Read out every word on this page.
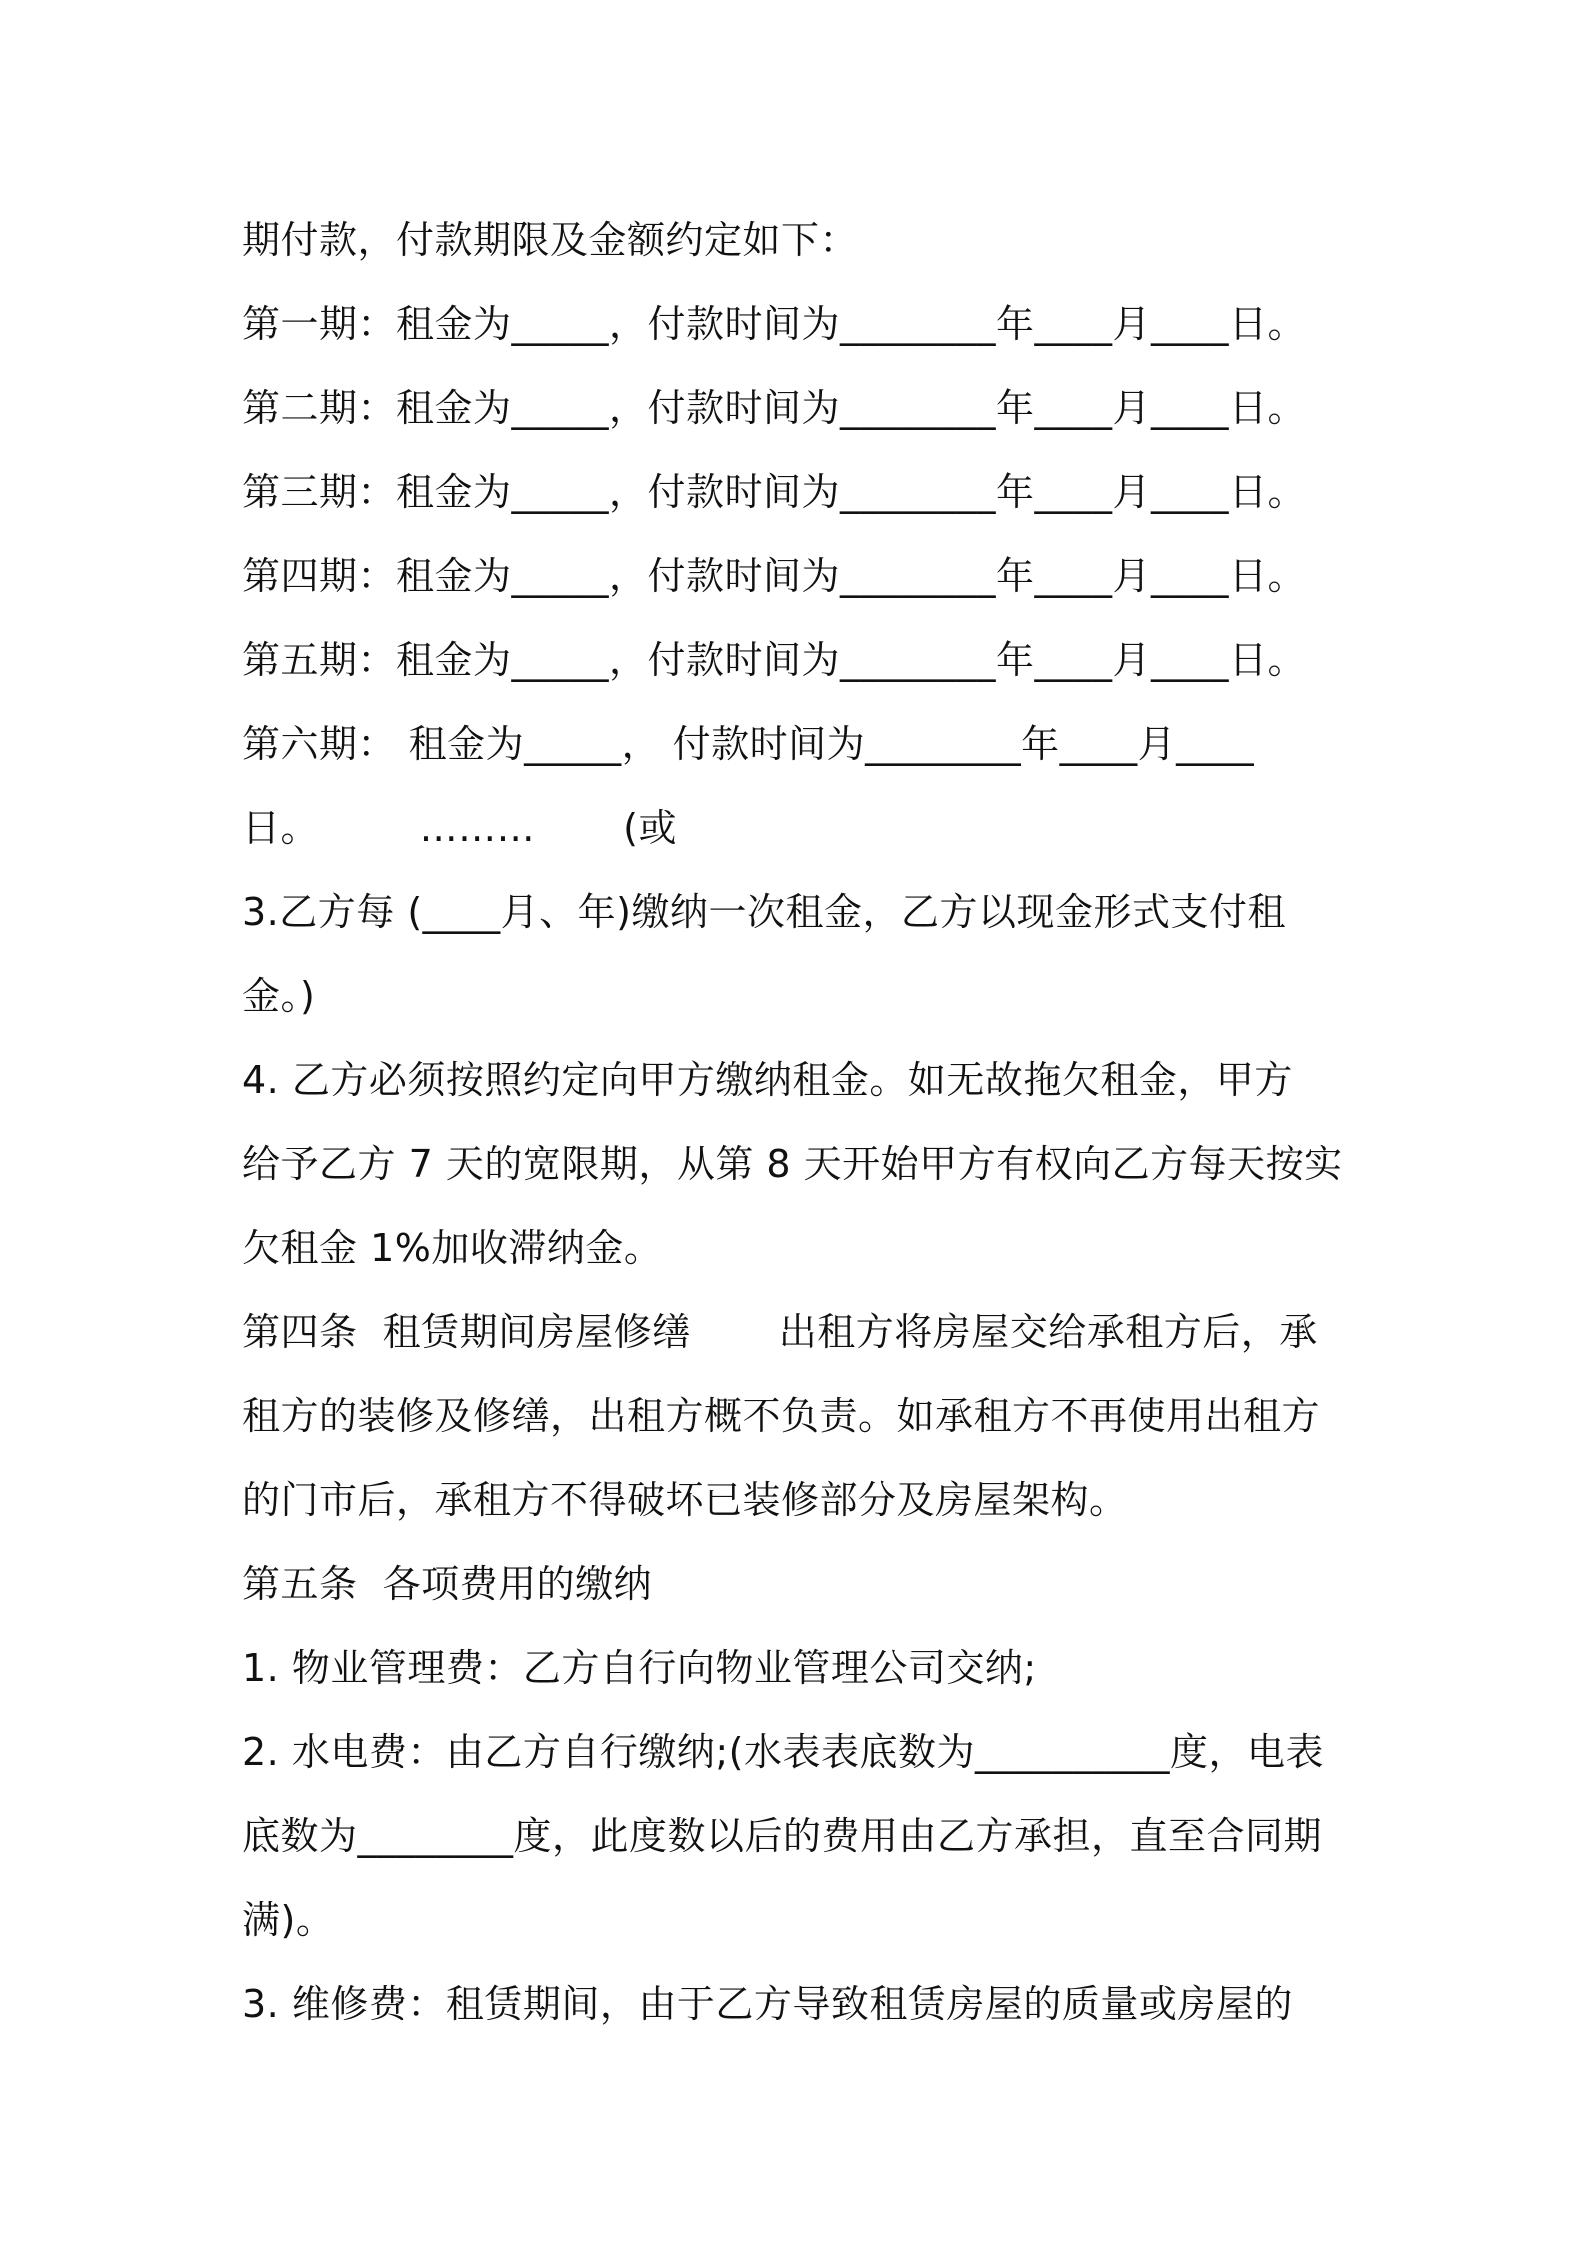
期付款，付款期限及金额约定如下：
第一期：租金为_____，付款时间为________年____月____日。
第二期：租金为_____，付款时间为________年____月____日。
第三期：租金为_____，付款时间为________年____月____日。
第四期：租金为_____，付款时间为________年____月____日。
第五期：租金为_____，付款时间为________年____月____日。
第六期： 租金为_____， 付款时间为________年____月____
日。        ………       (或
3.乙方每 (____月、年)缴纳一次租金，乙方以现金形式支付租
金。)
4. 乙方必须按照约定向甲方缴纳租金。如无故拖欠租金，甲方
给予乙方 7 天的宽限期，从第 8 天开始甲方有权向乙方每天按实
欠租金 1%加收滞纳金。
第四条  租赁期间房屋修缮       出租方将房屋交给承租方后，承
租方的装修及修缮，出租方概不负责。如承租方不再使用出租方
的门市后，承租方不得破坏已装修部分及房屋架构。
第五条  各项费用的缴纳
1. 物业管理费：乙方自行向物业管理公司交纳;
2. 水电费：由乙方自行缴纳;(水表表底数为__________度，电表
底数为________度，此度数以后的费用由乙方承担，直至合同期
满)。
3. 维修费：租赁期间，由于乙方导致租赁房屋的质量或房屋的
